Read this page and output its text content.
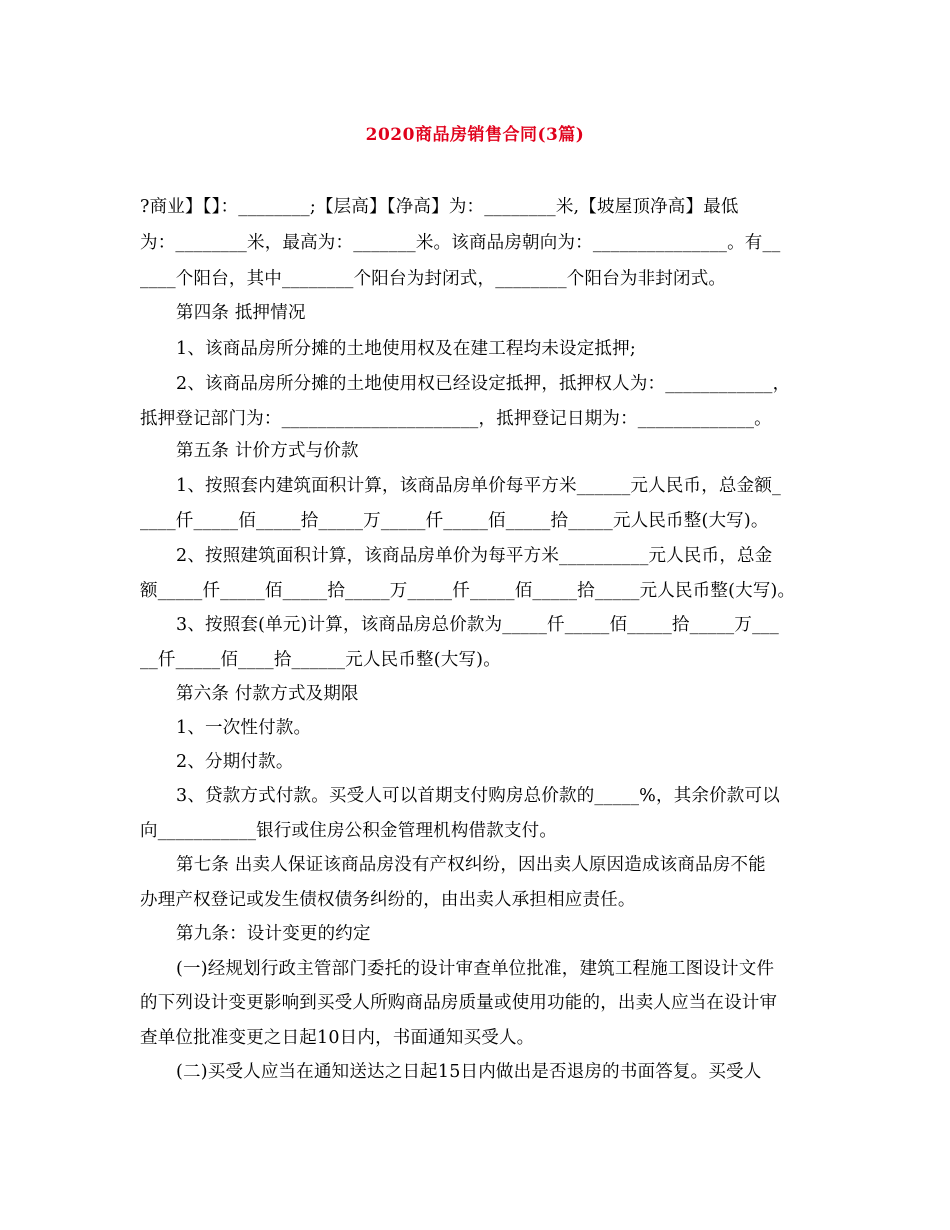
2020商品房销售合同(3篇)
?商业】【】：________;【层高】【净高】为：________米,【坡屋顶净高】最低
为：________米，最高为：_______米。该商品房朝向为：_______________。有__
____个阳台，其中________个阳台为封闭式，________个阳台为非封闭式。
第四条 抵押情况
1、该商品房所分摊的土地使用权及在建工程均未设定抵押;
2、该商品房所分摊的土地使用权已经设定抵押，抵押权人为：____________，
抵押登记部门为：______________________，抵押登记日期为：_____________。
第五条 计价方式与价款
1、按照套内建筑面积计算，该商品房单价每平方米______元人民币，总金额_
____仟_____佰_____拾_____万_____仟_____佰_____拾_____元人民币整(大写)。
2、按照建筑面积计算，该商品房单价为每平方米__________元人民币，总金
额_____仟_____佰_____拾_____万_____仟_____佰_____拾_____元人民币整(大写)。
3、按照套(单元)计算，该商品房总价款为_____仟_____佰_____拾_____万___
__仟_____佰____拾______元人民币整(大写)。
第六条 付款方式及期限
1、一次性付款。
2、分期付款。
3、贷款方式付款。买受人可以首期支付购房总价款的_____%，其余价款可以
向___________银行或住房公积金管理机构借款支付。
第七条 出卖人保证该商品房没有产权纠纷，因出卖人原因造成该商品房不能
办理产权登记或发生债权债务纠纷的，由出卖人承担相应责任。
第九条：设计变更的约定
(一)经规划行政主管部门委托的设计审查单位批准，建筑工程施工图设计文件
的下列设计变更影响到买受人所购商品房质量或使用功能的，出卖人应当在设计审
查单位批准变更之日起10日内，书面通知买受人。
(二)买受人应当在通知送达之日起15日内做出是否退房的书面答复。买受人
